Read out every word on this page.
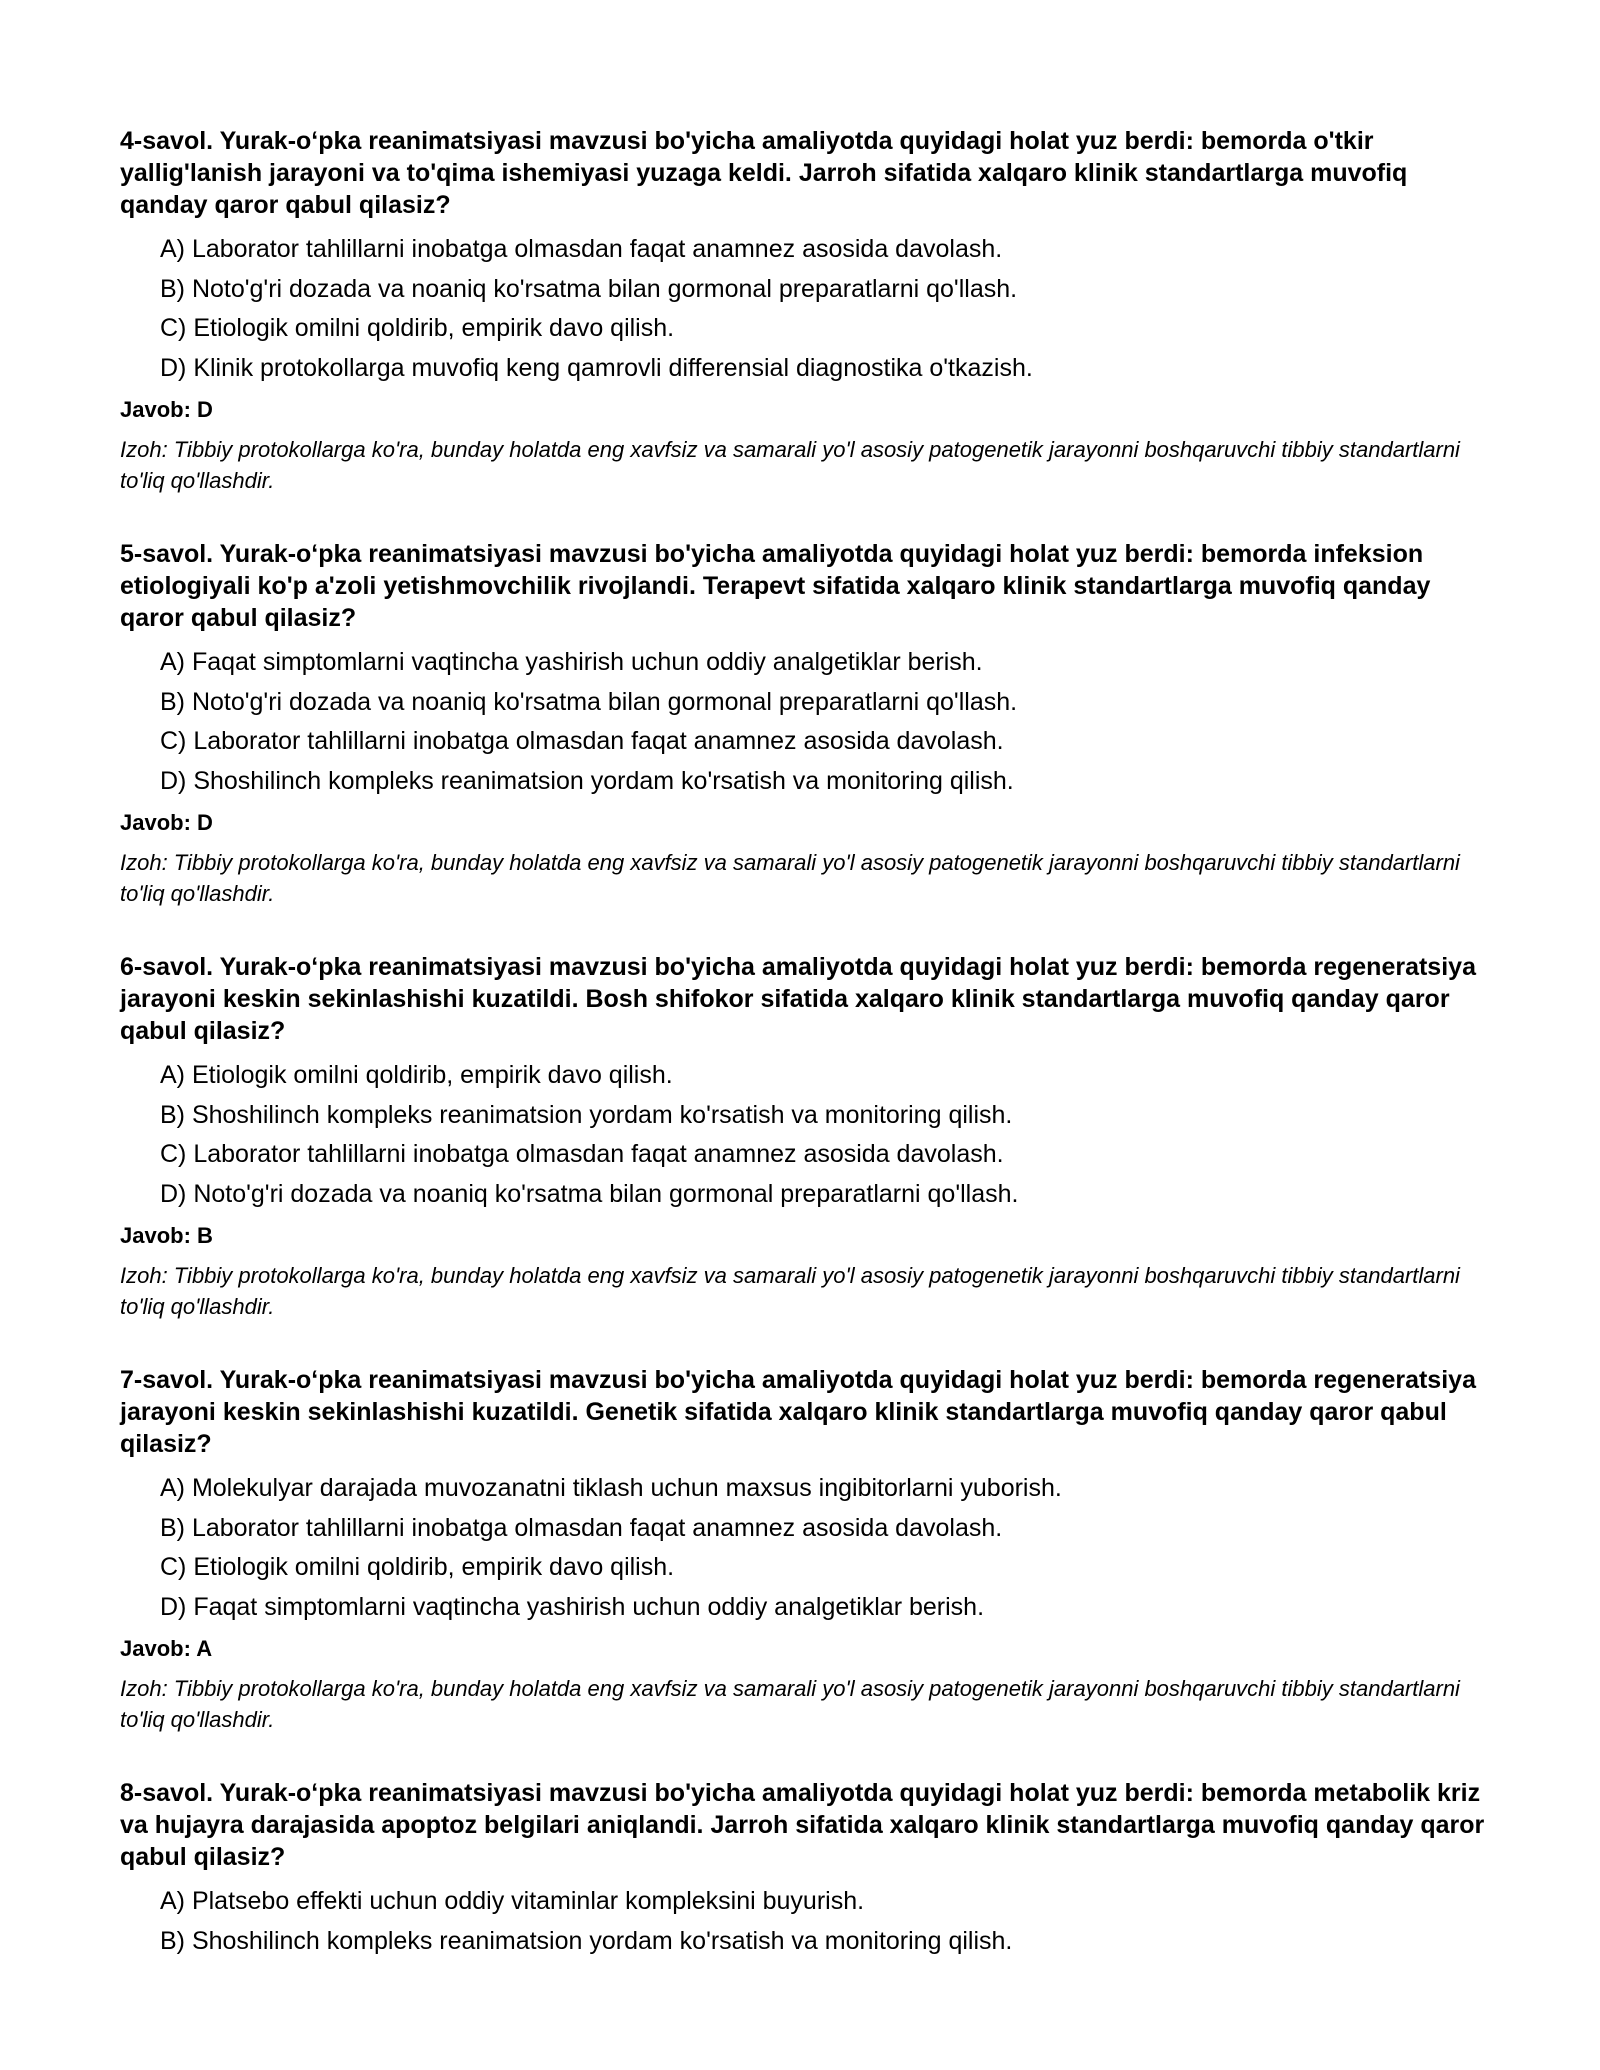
4-savol. Yurak-o‘pka reanimatsiyasi mavzusi bo'yicha amaliyotda quyidagi holat yuz berdi: bemorda o'tkir yallig'lanish jarayoni va to'qima ishemiyasi yuzaga keldi. Jarroh sifatida xalqaro klinik standartlarga muvofiq qanday qaror qabul qilasiz?
A) Laborator tahlillarni inobatga olmasdan faqat anamnez asosida davolash.
B) Noto'g'ri dozada va noaniq ko'rsatma bilan gormonal preparatlarni qo'llash.
C) Etiologik omilni qoldirib, empirik davo qilish.
D) Klinik protokollarga muvofiq keng qamrovli differensial diagnostika o'tkazish.
Javob: D
Izoh: Tibbiy protokollarga ko'ra, bunday holatda eng xavfsiz va samarali yo'l asosiy patogenetik jarayonni boshqaruvchi tibbiy standartlarni to'liq qo'llashdir.
5-savol. Yurak-o‘pka reanimatsiyasi mavzusi bo'yicha amaliyotda quyidagi holat yuz berdi: bemorda infeksion etiologiyali ko'p a'zoli yetishmovchilik rivojlandi. Terapevt sifatida xalqaro klinik standartlarga muvofiq qanday qaror qabul qilasiz?
A) Faqat simptomlarni vaqtincha yashirish uchun oddiy analgetiklar berish.
B) Noto'g'ri dozada va noaniq ko'rsatma bilan gormonal preparatlarni qo'llash.
C) Laborator tahlillarni inobatga olmasdan faqat anamnez asosida davolash.
D) Shoshilinch kompleks reanimatsion yordam ko'rsatish va monitoring qilish.
Javob: D
Izoh: Tibbiy protokollarga ko'ra, bunday holatda eng xavfsiz va samarali yo'l asosiy patogenetik jarayonni boshqaruvchi tibbiy standartlarni to'liq qo'llashdir.
6-savol. Yurak-o‘pka reanimatsiyasi mavzusi bo'yicha amaliyotda quyidagi holat yuz berdi: bemorda regeneratsiya jarayoni keskin sekinlashishi kuzatildi. Bosh shifokor sifatida xalqaro klinik standartlarga muvofiq qanday qaror qabul qilasiz?
A) Etiologik omilni qoldirib, empirik davo qilish.
B) Shoshilinch kompleks reanimatsion yordam ko'rsatish va monitoring qilish.
C) Laborator tahlillarni inobatga olmasdan faqat anamnez asosida davolash.
D) Noto'g'ri dozada va noaniq ko'rsatma bilan gormonal preparatlarni qo'llash.
Javob: B
Izoh: Tibbiy protokollarga ko'ra, bunday holatda eng xavfsiz va samarali yo'l asosiy patogenetik jarayonni boshqaruvchi tibbiy standartlarni to'liq qo'llashdir.
7-savol. Yurak-o‘pka reanimatsiyasi mavzusi bo'yicha amaliyotda quyidagi holat yuz berdi: bemorda regeneratsiya jarayoni keskin sekinlashishi kuzatildi. Genetik sifatida xalqaro klinik standartlarga muvofiq qanday qaror qabul qilasiz?
A) Molekulyar darajada muvozanatni tiklash uchun maxsus ingibitorlarni yuborish.
B) Laborator tahlillarni inobatga olmasdan faqat anamnez asosida davolash.
C) Etiologik omilni qoldirib, empirik davo qilish.
D) Faqat simptomlarni vaqtincha yashirish uchun oddiy analgetiklar berish.
Javob: A
Izoh: Tibbiy protokollarga ko'ra, bunday holatda eng xavfsiz va samarali yo'l asosiy patogenetik jarayonni boshqaruvchi tibbiy standartlarni to'liq qo'llashdir.
8-savol. Yurak-o‘pka reanimatsiyasi mavzusi bo'yicha amaliyotda quyidagi holat yuz berdi: bemorda metabolik kriz va hujayra darajasida apoptoz belgilari aniqlandi. Jarroh sifatida xalqaro klinik standartlarga muvofiq qanday qaror qabul qilasiz?
A) Platsebo effekti uchun oddiy vitaminlar kompleksini buyurish.
B) Shoshilinch kompleks reanimatsion yordam ko'rsatish va monitoring qilish.
